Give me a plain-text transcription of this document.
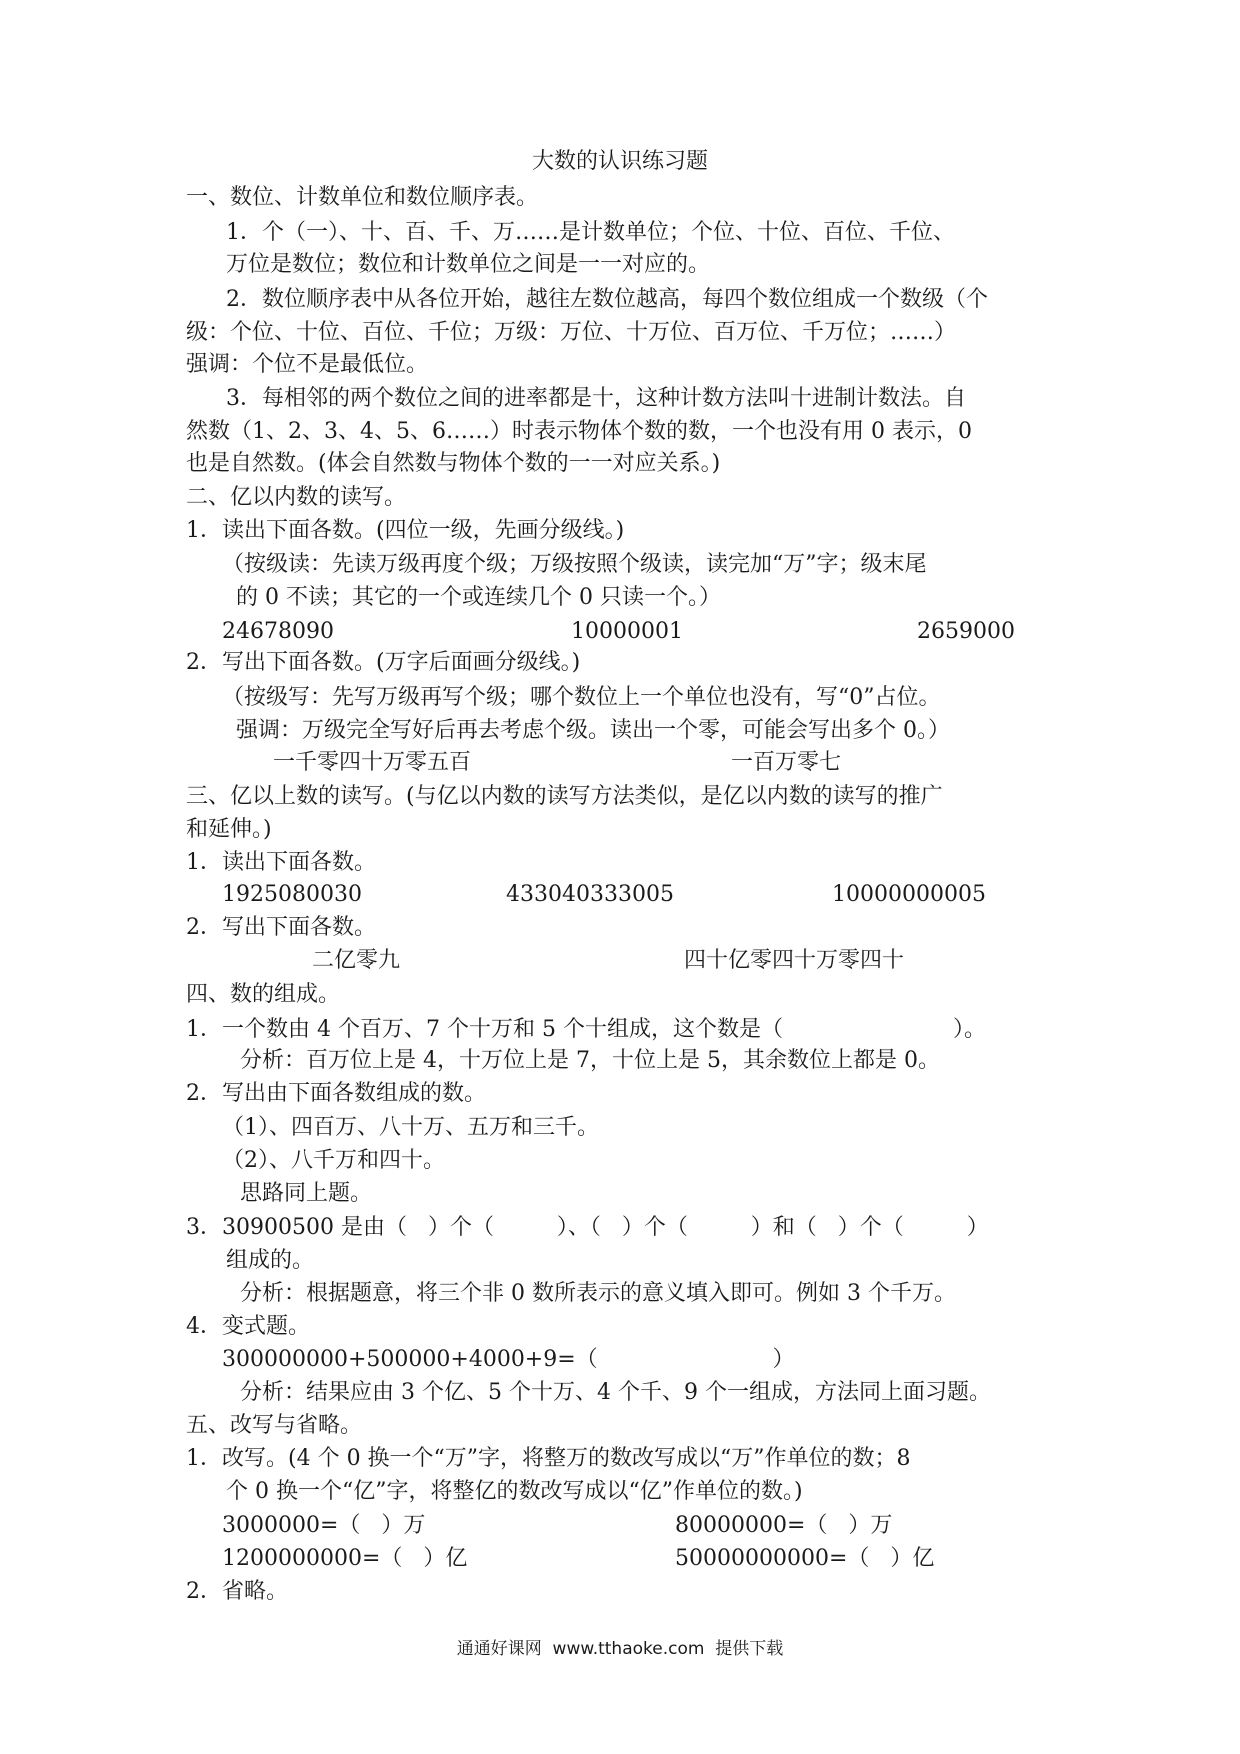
大数的认识练习题
一、数位、计数单位和数位顺序表。
1．个（一）、十、百、千、万……是计数单位；个位、十位、百位、千位、
万位是数位；数位和计数单位之间是一一对应的。
2．数位顺序表中从各位开始，越往左数位越高，每四个数位组成一个数级（个
级：个位、十位、百位、千位；万级：万位、十万位、百万位、千万位；……）
强调：个位不是最低位。
3．每相邻的两个数位之间的进率都是十，这种计数方法叫十进制计数法。自
然数（1、2、3、4、5、6……）时表示物体个数的数，一个也没有用 0 表示，0
也是自然数。(体会自然数与物体个数的一一对应关系。)
二、亿以内数的读写。
1．读出下面各数。(四位一级，先画分级线。)
（按级读：先读万级再度个级；万级按照个级读，读完加“万”字；级末尾
的 0 不读；其它的一个或连续几个 0 只读一个。）
24678090	10000001	2659000
2．写出下面各数。(万字后面画分级线。)
（按级写：先写万级再写个级；哪个数位上一个单位也没有，写“0”占位。
强调：万级完全写好后再去考虑个级。读出一个零，可能会写出多个 0。）
一千零四十万零五百	一百万零七
三、亿以上数的读写。(与亿以内数的读写方法类似，是亿以内数的读写的推广
和延伸。)
1．读出下面各数。
1925080030	433040333005	10000000005
2．写出下面各数。
二亿零九	四十亿零四十万零四十
四、数的组成。
1．一个数由 4 个百万、7 个十万和 5 个十组成，这个数是（	）。
分析：百万位上是 4，十万位上是 7，十位上是 5，其余数位上都是 0。
2．写出由下面各数组成的数。
（1）、四百万、八十万、五万和三千。
（2）、八千万和四十。
思路同上题。
3．30900500 是由（   ）个（         ）、（   ）个（         ）和（   ）个（         ）
组成的。
分析：根据题意，将三个非 0 数所表示的意义填入即可。例如 3 个千万。
4．变式题。
300000000+500000+4000+9=（                         ）
分析：结果应由 3 个亿、5 个十万、4 个千、9 个一组成，方法同上面习题。
五、改写与省略。
1．改写。(4 个 0 换一个“万”字，将整万的数改写成以“万”作单位的数；8
个 0 换一个“亿”字，将整亿的数改写成以“亿”作单位的数。)
3000000=（   ）万	80000000=（   ）万
1200000000=（   ）亿	50000000000=（   ）亿
2．省略。
通通好课网  www.tthaoke.com  提供下载
